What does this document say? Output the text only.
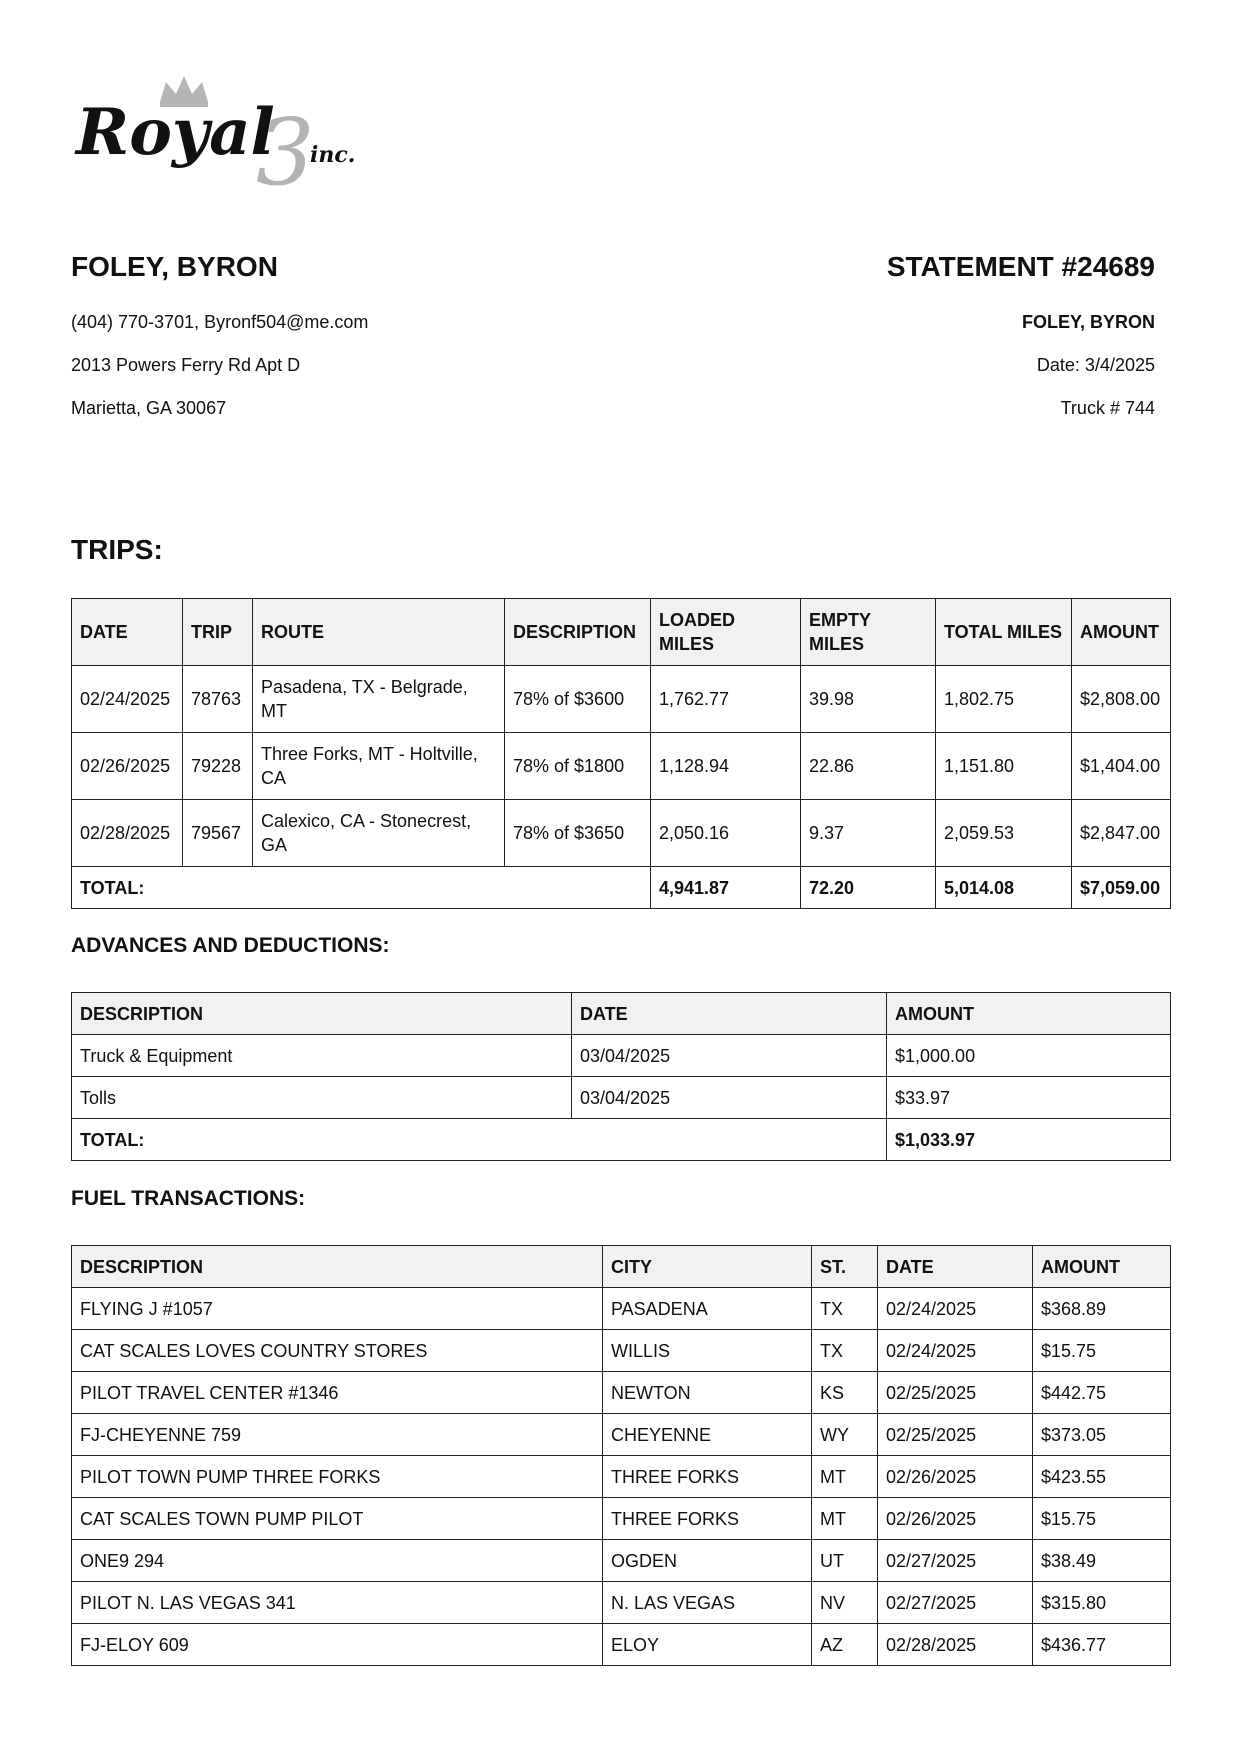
3
Royal inc.
FOLEY, BYRON
(404) 770-3701, Byronf504@me.com
2013 Powers Ferry Rd Apt D
Marietta, GA 30067
STATEMENT #24689
FOLEY, BYRON
Date: 3/4/2025
Truck # 744
TRIPS:
DATE	TRIP	ROUTE	DESCRIPTION	LOADED MILES	EMPTY MILES	TOTAL MILES	AMOUNT
02/24/2025	78763	Pasadena, TX - Belgrade, MT	78% of $3600	1,762.77	39.98	1,802.75	$2,808.00
02/26/2025	79228	Three Forks, MT - Holtville, CA	78% of $1800	1,128.94	22.86	1,151.80	$1,404.00
02/28/2025	79567	Calexico, CA - Stonecrest, GA	78% of $3650	2,050.16	9.37	2,059.53	$2,847.00
TOTAL:				4,941.87	72.20	5,014.08	$7,059.00
ADVANCES AND DEDUCTIONS:
DESCRIPTION	DATE	AMOUNT
Truck & Equipment	03/04/2025	$1,000.00
Tolls	03/04/2025	$33.97
TOTAL:		$1,033.97
FUEL TRANSACTIONS:
DESCRIPTION	CITY	ST.	DATE	AMOUNT
FLYING J #1057	PASADENA	TX	02/24/2025	$368.89
CAT SCALES LOVES COUNTRY STORES	WILLIS	TX	02/24/2025	$15.75
PILOT TRAVEL CENTER #1346	NEWTON	KS	02/25/2025	$442.75
FJ-CHEYENNE 759	CHEYENNE	WY	02/25/2025	$373.05
PILOT TOWN PUMP THREE FORKS	THREE FORKS	MT	02/26/2025	$423.55
CAT SCALES TOWN PUMP PILOT	THREE FORKS	MT	02/26/2025	$15.75
ONE9 294	OGDEN	UT	02/27/2025	$38.49
PILOT N. LAS VEGAS 341	N. LAS VEGAS	NV	02/27/2025	$315.80
FJ-ELOY 609	ELOY	AZ	02/28/2025	$436.77
